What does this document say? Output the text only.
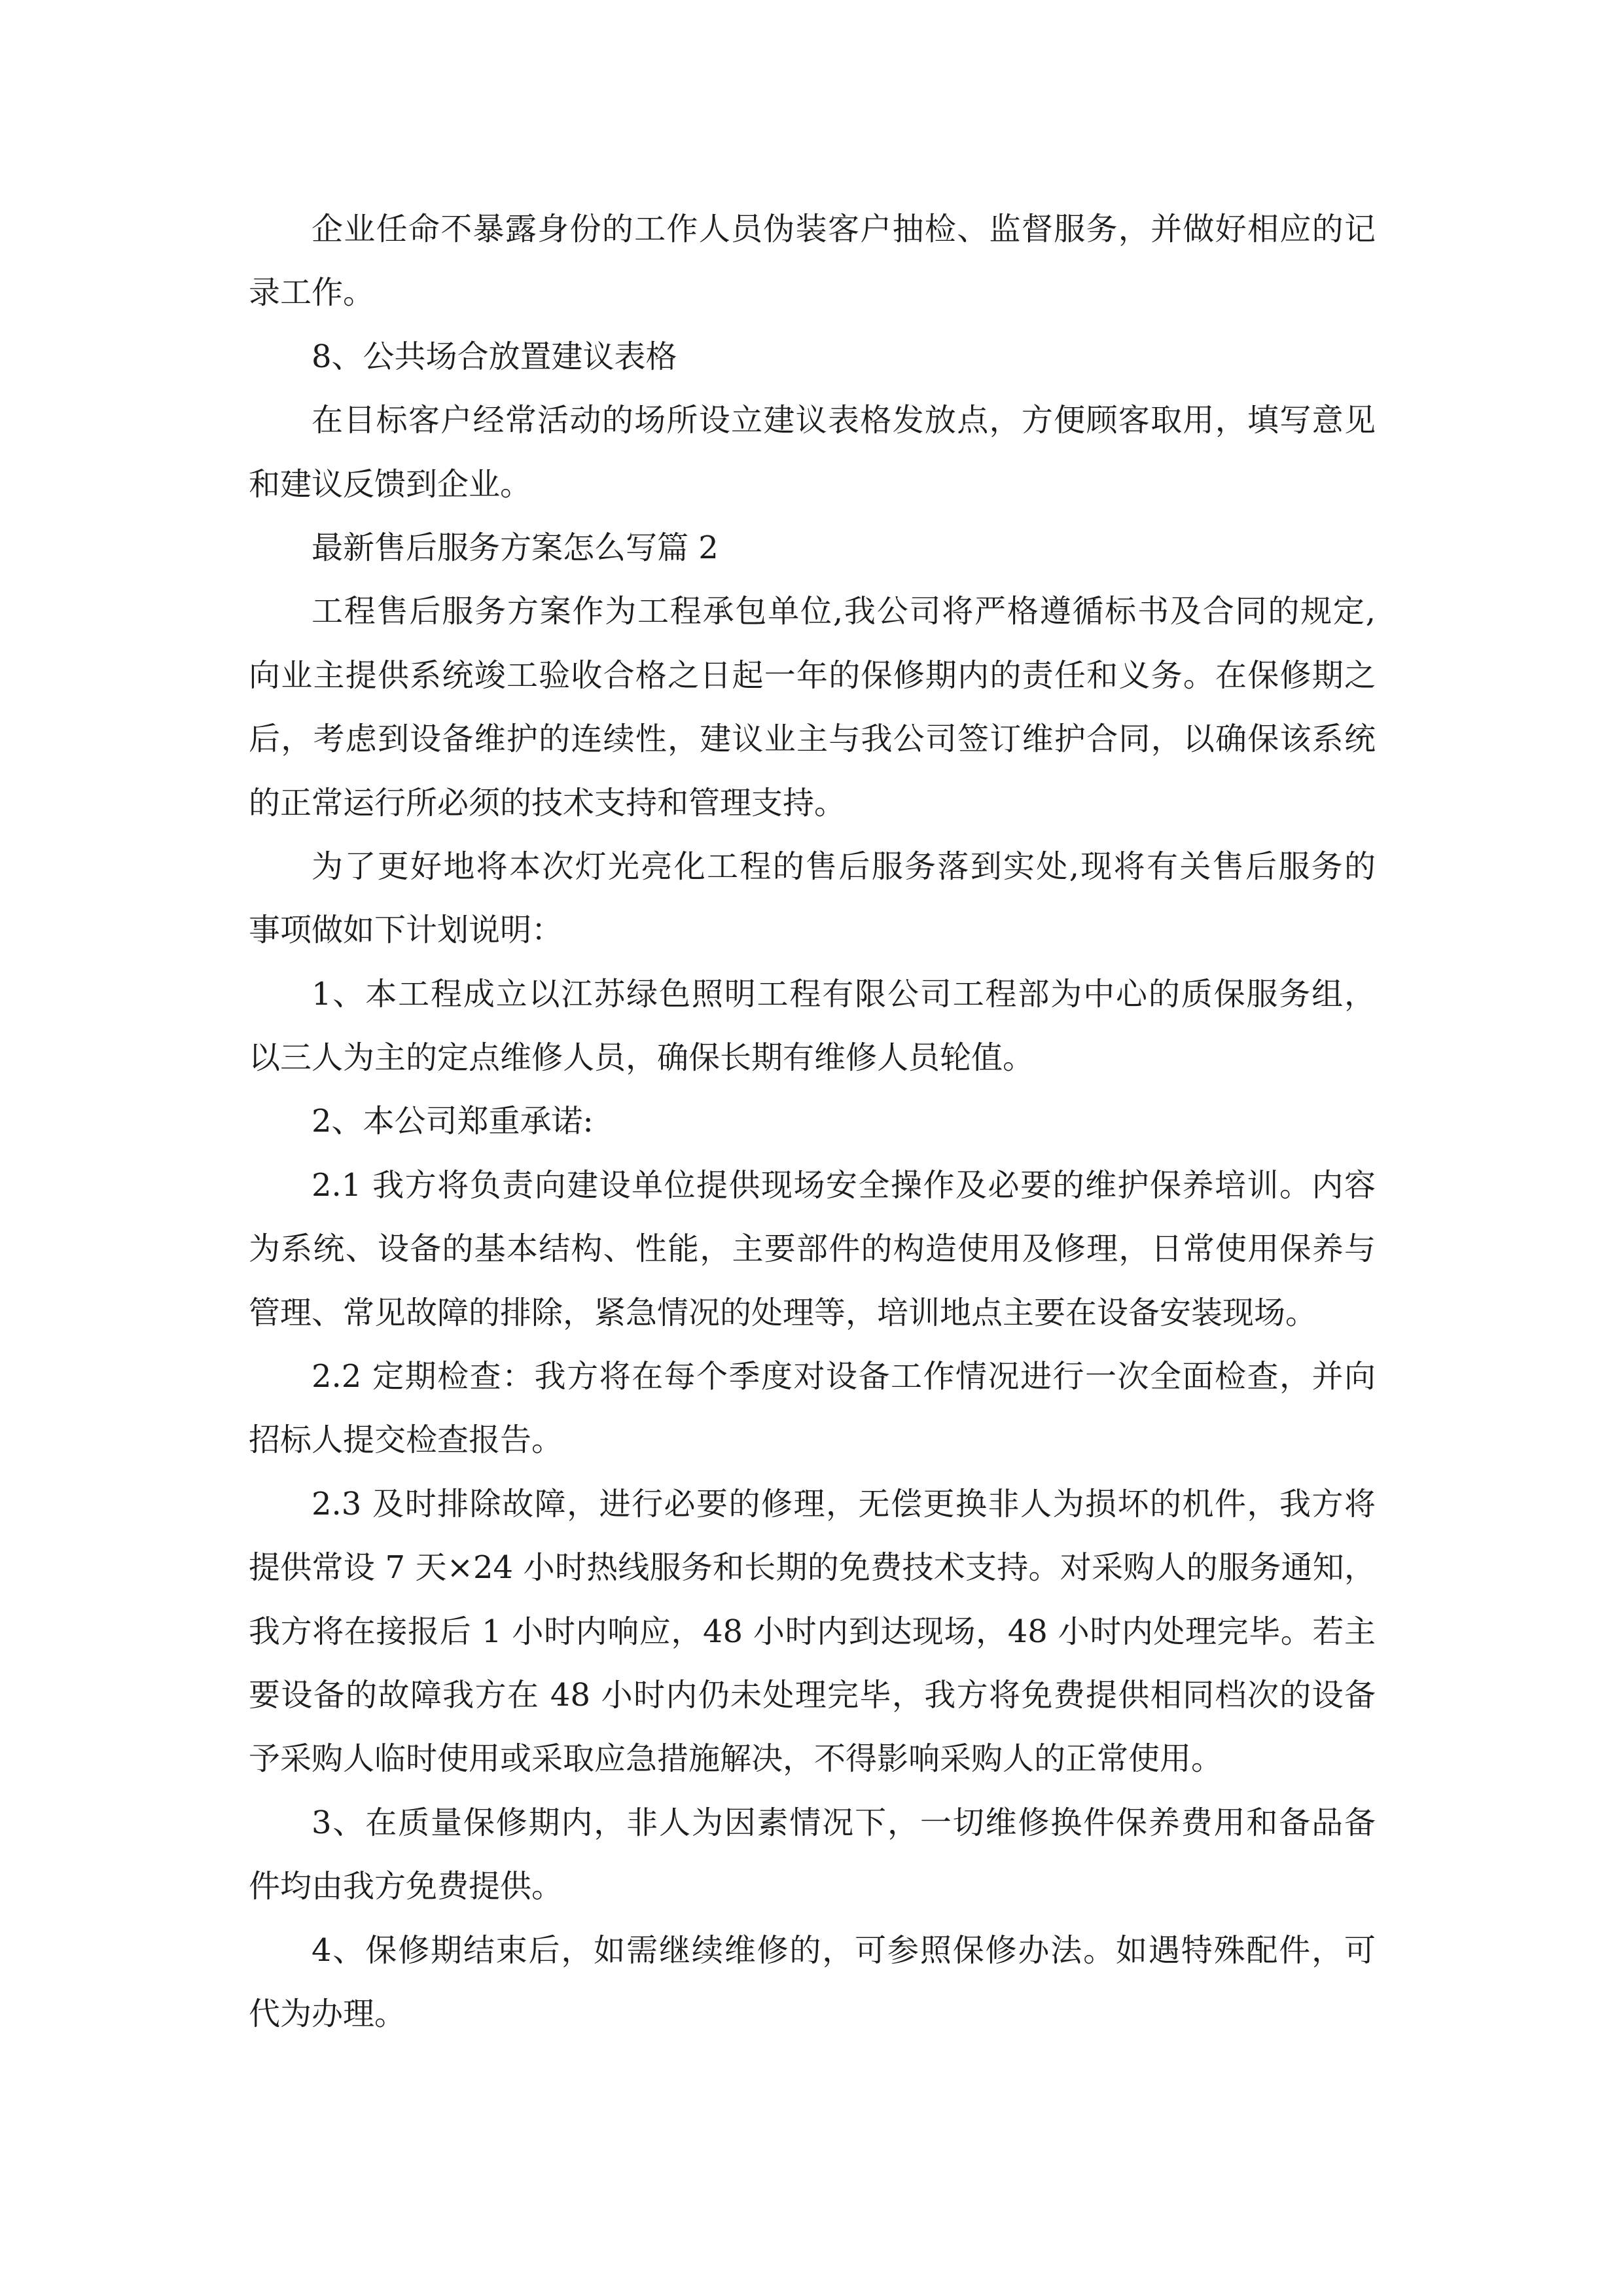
企业任命不暴露身份的工作人员伪装客户抽检、监督服务，并做好相应的记
录工作。
8、公共场合放置建议表格
在目标客户经常活动的场所设立建议表格发放点，方便顾客取用，填写意见
和建议反馈到企业。
最新售后服务方案怎么写篇 2
工程售后服务方案作为工程承包单位,我公司将严格遵循标书及合同的规定,
向业主提供系统竣工验收合格之日起一年的保修期内的责任和义务。在保修期之
后，考虑到设备维护的连续性，建议业主与我公司签订维护合同，以确保该系统
的正常运行所必须的技术支持和管理支持。
为了更好地将本次灯光亮化工程的售后服务落到实处,现将有关售后服务的
事项做如下计划说明：
1、本工程成立以江苏绿色照明工程有限公司工程部为中心的质保服务组，
以三人为主的定点维修人员，确保长期有维修人员轮值。
2、本公司郑重承诺:
2.1 我方将负责向建设单位提供现场安全操作及必要的维护保养培训。内容
为系统、设备的基本结构、性能，主要部件的构造使用及修理，日常使用保养与
管理、常见故障的排除，紧急情况的处理等，培训地点主要在设备安装现场。
2.2 定期检查：我方将在每个季度对设备工作情况进行一次全面检查，并向
招标人提交检查报告。
2.3 及时排除故障，进行必要的修理，无偿更换非人为损坏的机件，我方将
提供常设 7 天×24 小时热线服务和长期的免费技术支持。对采购人的服务通知，
我方将在接报后 1 小时内响应，48 小时内到达现场，48 小时内处理完毕。若主
要设备的故障我方在 48 小时内仍未处理完毕，我方将免费提供相同档次的设备
予采购人临时使用或采取应急措施解决，不得影响采购人的正常使用。
3、在质量保修期内，非人为因素情况下，一切维修换件保养费用和备品备
件均由我方免费提供。
4、保修期结束后，如需继续维修的，可参照保修办法。如遇特殊配件，可
代为办理。
